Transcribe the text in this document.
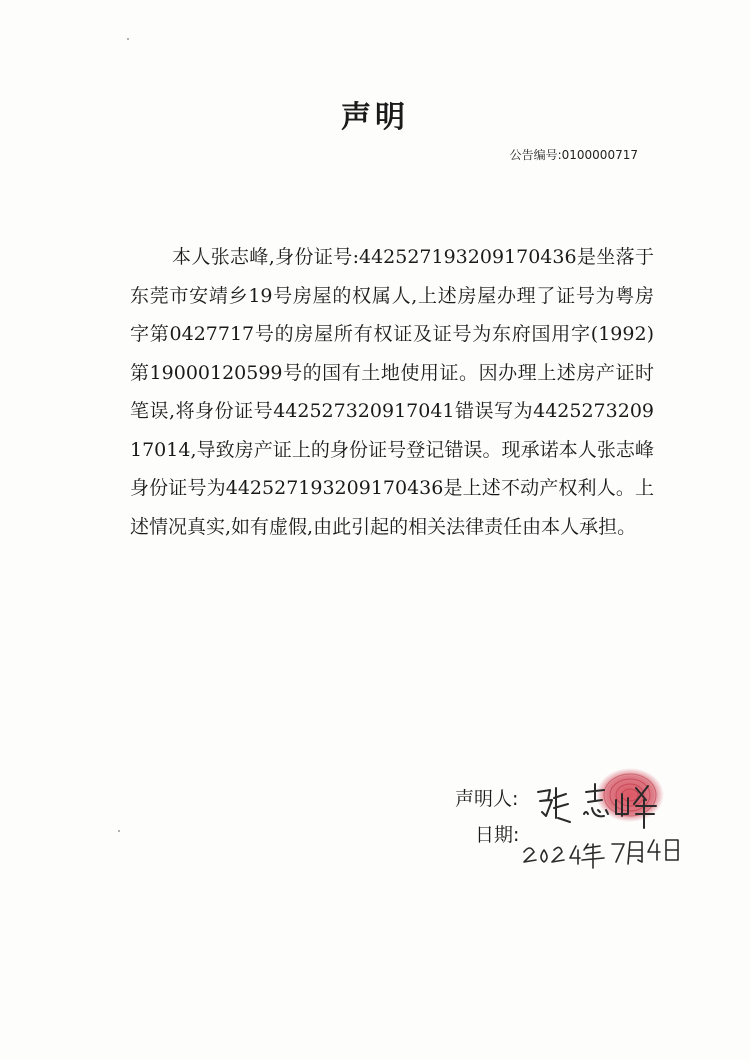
声明
公告编号:0100000717

本人张志峰,身份证号:442527193209170436是坐落于东莞市安靖乡19号房屋的权属人,上述房屋办理了证号为粤房字第0427717号的房屋所有权证及证号为东府国用字(1992)第19000120599号的国有土地使用证。因办理上述房产证时笔误,将身份证号442527320917041错误写为442527320917014,导致房产证上的身份证号登记错误。现承诺本人张志峰身份证号为442527193209170436是上述不动产权利人。上述情况真实,如有虚假,由此引起的相关法律责任由本人承担。

声明人:
日期:
